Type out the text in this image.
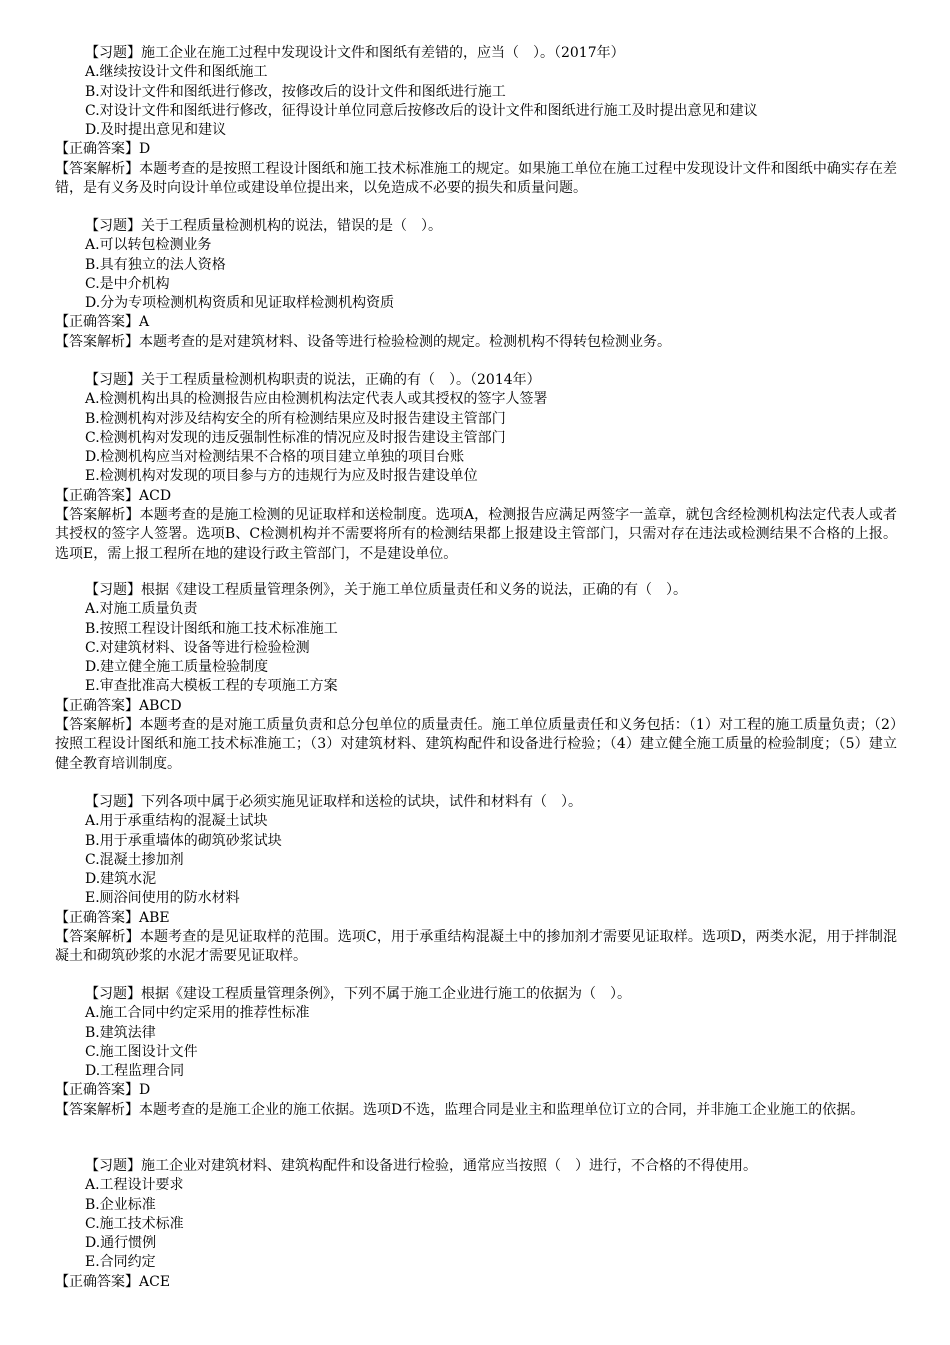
【习题】施工企业在施工过程中发现设计文件和图纸有差错的，应当（　）。（2017年）
A.继续按设计文件和图纸施工
B.对设计文件和图纸进行修改，按修改后的设计文件和图纸进行施工
C.对设计文件和图纸进行修改，征得设计单位同意后按修改后的设计文件和图纸进行施工及时提出意见和建议
D.及时提出意见和建议
【正确答案】D
【答案解析】本题考查的是按照工程设计图纸和施工技术标准施工的规定。如果施工单位在施工过程中发现设计文件和图纸中确实存在差错，是有义务及时向设计单位或建设单位提出来，以免造成不必要的损失和质量问题。
【习题】关于工程质量检测机构的说法，错误的是（　）。
A.可以转包检测业务
B.具有独立的法人资格
C.是中介机构
D.分为专项检测机构资质和见证取样检测机构资质
【正确答案】A
【答案解析】本题考查的是对建筑材料、设备等进行检验检测的规定。检测机构不得转包检测业务。
【习题】关于工程质量检测机构职责的说法，正确的有（　）。（2014年）
A.检测机构出具的检测报告应由检测机构法定代表人或其授权的签字人签署
B.检测机构对涉及结构安全的所有检测结果应及时报告建设主管部门
C.检测机构对发现的违反强制性标准的情况应及时报告建设主管部门
D.检测机构应当对检测结果不合格的项目建立单独的项目台账
E.检测机构对发现的项目参与方的违规行为应及时报告建设单位
【正确答案】ACD
【答案解析】本题考查的是施工检测的见证取样和送检制度。选项A，检测报告应满足两签字一盖章，就包含经检测机构法定代表人或者其授权的签字人签署。选项B、C检测机构并不需要将所有的检测结果都上报建设主管部门，只需对存在违法或检测结果不合格的上报。选项E，需上报工程所在地的建设行政主管部门，不是建设单位。
【习题】根据《建设工程质量管理条例》，关于施工单位质量责任和义务的说法，正确的有（　）。
A.对施工质量负责
B.按照工程设计图纸和施工技术标准施工
C.对建筑材料、设备等进行检验检测
D.建立健全施工质量检验制度
E.审查批准高大模板工程的专项施工方案
【正确答案】ABCD
【答案解析】本题考查的是对施工质量负责和总分包单位的质量责任。施工单位质量责任和义务包括：（1）对工程的施工质量负责；（2）按照工程设计图纸和施工技术标准施工；（3）对建筑材料、建筑构配件和设备进行检验；（4）建立健全施工质量的检验制度；（5）建立健全教育培训制度。
【习题】下列各项中属于必须实施见证取样和送检的试块，试件和材料有（　）。
A.用于承重结构的混凝土试块
B.用于承重墙体的砌筑砂浆试块
C.混凝土掺加剂
D.建筑水泥
E.厕浴间使用的防水材料
【正确答案】ABE
【答案解析】本题考查的是见证取样的范围。选项C，用于承重结构混凝土中的掺加剂才需要见证取样。选项D，两类水泥，用于拌制混凝土和砌筑砂浆的水泥才需要见证取样。
【习题】根据《建设工程质量管理条例》，下列不属于施工企业进行施工的依据为（　）。
A.施工合同中约定采用的推荐性标准
B.建筑法律
C.施工图设计文件
D.工程监理合同
【正确答案】D
【答案解析】本题考查的是施工企业的施工依据。选项D不选，监理合同是业主和监理单位订立的合同，并非施工企业施工的依据。
【习题】施工企业对建筑材料、建筑构配件和设备进行检验，通常应当按照（　）进行，不合格的不得使用。
A.工程设计要求
B.企业标准
C.施工技术标准
D.通行惯例
E.合同约定
【正确答案】ACE
